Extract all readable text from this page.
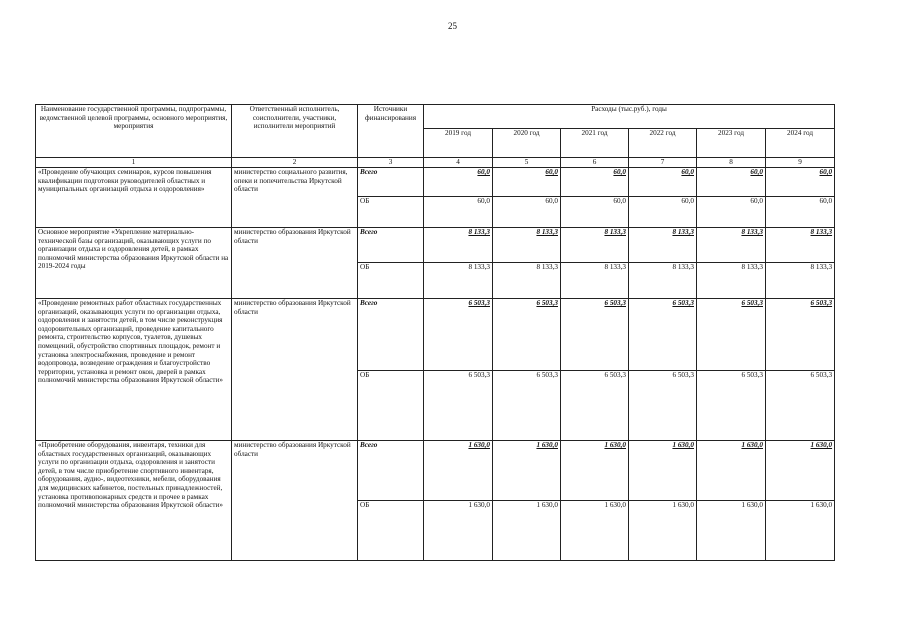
25
Наименование государственной программы, подпрограммы, ведомственной целевой программы, основного мероприятия, мероприятия	Ответственный исполнитель, соисполнители, участники, исполнители мероприятий	Источники финансирования	Расходы (тыс.руб.), годы					
			2019 год	2020 год	2021 год	2022 год	2023 год	2024 год
1	2	3	4	5	6	7	8	9
«Проведение обучающих семинаров, курсов повышения квалификации подготовки руководителей областных и муниципальных организаций отдыха и оздоровления»	министерство социального развития, опеки и попечительства Иркутской области	Всего	60,0	60,0	60,0	60,0	60,0	60,0
		ОБ	60,0	60,0	60,0	60,0	60,0	60,0
Основное мероприятие «Укрепление материально-технической базы организаций, оказывающих услуги по организации отдыха и оздоровления детей, в рамках полномочий министерства образования Иркутской области на 2019-2024 годы	министерство образования Иркутской области	Всего	8 133,3	8 133,3	8 133,3	8 133,3	8 133,3	8 133,3
		ОБ	8 133,3	8 133,3	8 133,3	8 133,3	8 133,3	8 133,3
«Проведение ремонтных работ областных государственных организаций, оказывающих услуги по организации отдыха, оздоровления и занятости детей, в том числе реконструкция оздоровительных организаций, проведение капитального ремонта, строительство корпусов, туалетов, душевых помещений, обустройство спортивных площадок, ремонт и установка электроснабжения, проведение и ремонт водопровода, возведение ограждения и благоустройство территории, установка и ремонт окон, дверей в рамках полномочий министерства образования Иркутской области»	министерство образования Иркутской области	Всего	6 503,3	6 503,3	6 503,3	6 503,3	6 503,3	6 503,3
		ОБ	6 503,3	6 503,3	6 503,3	6 503,3	6 503,3	6 503,3
«Приобретение оборудования, инвентаря, техники для областных государственных организаций, оказывающих услуги по организации отдыха, оздоровления и занятости детей, в том числе приобретение спортивного инвентаря, оборудования, аудио-, видеотехники, мебели, оборудования для медицинских кабинетов, постельных принадлежностей, установка противопожарных средств и прочее в рамках полномочий министерства образования Иркутской области»	министерство образования Иркутской области	Всего	1 630,0	1 630,0	1 630,0	1 630,0	1 630,0	1 630,0
		ОБ	1 630,0	1 630,0	1 630,0	1 630,0	1 630,0	1 630,0
